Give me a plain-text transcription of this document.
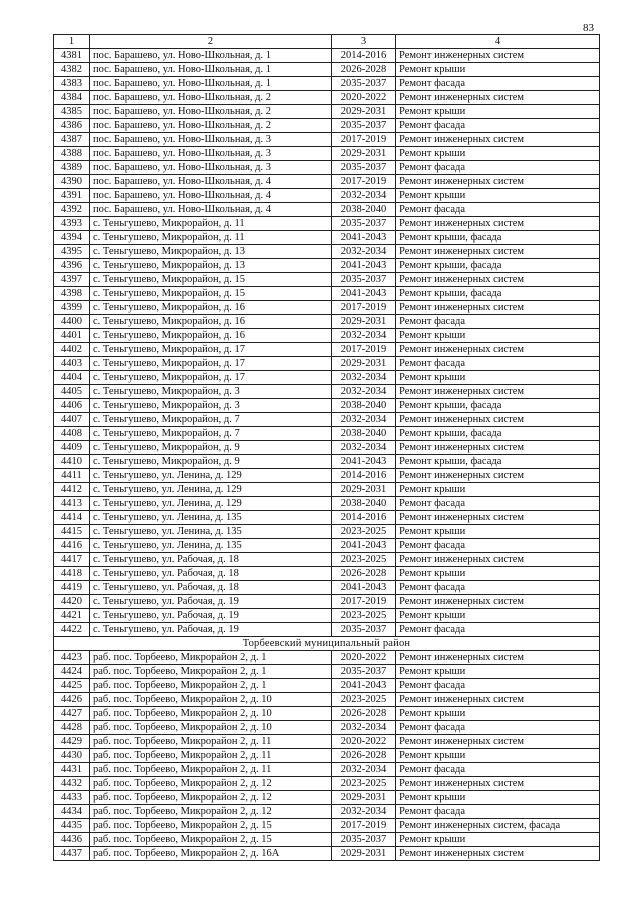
83
1	2	3	4
4381	пос. Барашево, ул. Ново-Школьная, д. 1	2014-2016	Ремонт инженерных систем
4382	пос. Барашево, ул. Ново-Школьная, д. 1	2026-2028	Ремонт крыши
4383	пос. Барашево, ул. Ново-Школьная, д. 1	2035-2037	Ремонт фасада
4384	пос. Барашево, ул. Ново-Школьная, д. 2	2020-2022	Ремонт инженерных систем
4385	пос. Барашево, ул. Ново-Школьная, д. 2	2029-2031	Ремонт крыши
4386	пос. Барашево, ул. Ново-Школьная, д. 2	2035-2037	Ремонт фасада
4387	пос. Барашево, ул. Ново-Школьная, д. 3	2017-2019	Ремонт инженерных систем
4388	пос. Барашево, ул. Ново-Школьная, д. 3	2029-2031	Ремонт крыши
4389	пос. Барашево, ул. Ново-Школьная, д. 3	2035-2037	Ремонт фасада
4390	пос. Барашево, ул. Ново-Школьная, д. 4	2017-2019	Ремонт инженерных систем
4391	пос. Барашево, ул. Ново-Школьная, д. 4	2032-2034	Ремонт крыши
4392	пос. Барашево, ул. Ново-Школьная, д. 4	2038-2040	Ремонт фасада
4393	с. Теньгушево, Микрорайон, д. 11	2035-2037	Ремонт инженерных систем
4394	с. Теньгушево, Микрорайон, д. 11	2041-2043	Ремонт крыши, фасада
4395	с. Теньгушево, Микрорайон, д. 13	2032-2034	Ремонт инженерных систем
4396	с. Теньгушево, Микрорайон, д. 13	2041-2043	Ремонт крыши, фасада
4397	с. Теньгушево, Микрорайон, д. 15	2035-2037	Ремонт инженерных систем
4398	с. Теньгушево, Микрорайон, д. 15	2041-2043	Ремонт крыши, фасада
4399	с. Теньгушево, Микрорайон, д. 16	2017-2019	Ремонт инженерных систем
4400	с. Теньгушево, Микрорайон, д. 16	2029-2031	Ремонт фасада
4401	с. Теньгушево, Микрорайон, д. 16	2032-2034	Ремонт крыши
4402	с. Теньгушево, Микрорайон, д. 17	2017-2019	Ремонт инженерных систем
4403	с. Теньгушево, Микрорайон, д. 17	2029-2031	Ремонт фасада
4404	с. Теньгушево, Микрорайон, д. 17	2032-2034	Ремонт крыши
4405	с. Теньгушево, Микрорайон, д. 3	2032-2034	Ремонт инженерных систем
4406	с. Теньгушево, Микрорайон, д. 3	2038-2040	Ремонт крыши, фасада
4407	с. Теньгушево, Микрорайон, д. 7	2032-2034	Ремонт инженерных систем
4408	с. Теньгушево, Микрорайон, д. 7	2038-2040	Ремонт крыши, фасада
4409	с. Теньгушево, Микрорайон, д. 9	2032-2034	Ремонт инженерных систем
4410	с. Теньгушево, Микрорайон, д. 9	2041-2043	Ремонт крыши, фасада
4411	с. Теньгушево, ул. Ленина, д. 129	2014-2016	Ремонт инженерных систем
4412	с. Теньгушево, ул. Ленина, д. 129	2029-2031	Ремонт крыши
4413	с. Теньгушево, ул. Ленина, д. 129	2038-2040	Ремонт фасада
4414	с. Теньгушево, ул. Ленина, д. 135	2014-2016	Ремонт инженерных систем
4415	с. Теньгушево, ул. Ленина, д. 135	2023-2025	Ремонт крыши
4416	с. Теньгушево, ул. Ленина, д. 135	2041-2043	Ремонт фасада
4417	с. Теньгушево, ул. Рабочая, д. 18	2023-2025	Ремонт инженерных систем
4418	с. Теньгушево, ул. Рабочая, д. 18	2026-2028	Ремонт крыши
4419	с. Теньгушево, ул. Рабочая, д. 18	2041-2043	Ремонт фасада
4420	с. Теньгушево, ул. Рабочая, д. 19	2017-2019	Ремонт инженерных систем
4421	с. Теньгушево, ул. Рабочая, д. 19	2023-2025	Ремонт крыши
4422	с. Теньгушево, ул. Рабочая, д. 19	2035-2037	Ремонт фасада
Торбеевский муниципальный район			
4423	раб. пос. Торбеево, Микрорайон 2, д. 1	2020-2022	Ремонт инженерных систем
4424	раб. пос. Торбеево, Микрорайон 2, д. 1	2035-2037	Ремонт крыши
4425	раб. пос. Торбеево, Микрорайон 2, д. 1	2041-2043	Ремонт фасада
4426	раб. пос. Торбеево, Микрорайон 2, д. 10	2023-2025	Ремонт инженерных систем
4427	раб. пос. Торбеево, Микрорайон 2, д. 10	2026-2028	Ремонт крыши
4428	раб. пос. Торбеево, Микрорайон 2, д. 10	2032-2034	Ремонт фасада
4429	раб. пос. Торбеево, Микрорайон 2, д. 11	2020-2022	Ремонт инженерных систем
4430	раб. пос. Торбеево, Микрорайон 2, д. 11	2026-2028	Ремонт крыши
4431	раб. пос. Торбеево, Микрорайон 2, д. 11	2032-2034	Ремонт фасада
4432	раб. пос. Торбеево, Микрорайон 2, д. 12	2023-2025	Ремонт инженерных систем
4433	раб. пос. Торбеево, Микрорайон 2, д. 12	2029-2031	Ремонт крыши
4434	раб. пос. Торбеево, Микрорайон 2, д. 12	2032-2034	Ремонт фасада
4435	раб. пос. Торбеево, Микрорайон 2, д. 15	2017-2019	Ремонт инженерных систем, фасада
4436	раб. пос. Торбеево, Микрорайон 2, д. 15	2035-2037	Ремонт крыши
4437	раб. пос. Торбеево, Микрорайон 2, д. 16А	2029-2031	Ремонт инженерных систем
